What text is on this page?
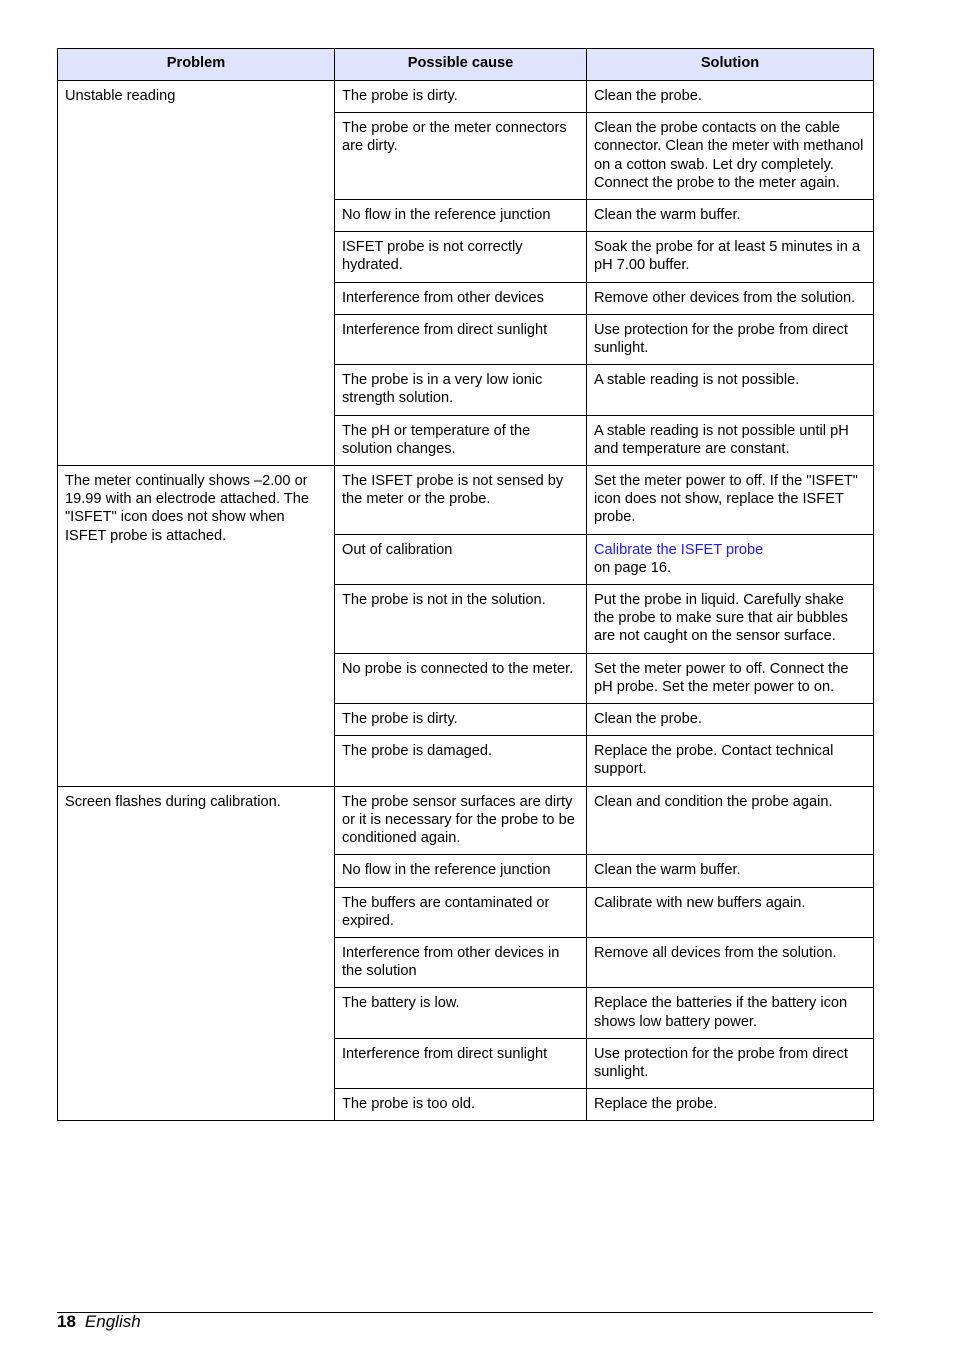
Problem	Possible cause	Solution
Unstable reading	The probe is dirty.	Clean the probe.
	The probe or the meter connectors are dirty.	Clean the probe contacts on the cable connector. Clean the meter with methanol on a cotton swab. Let dry completely. Connect the probe to the meter again.
	No flow in the reference junction	Clean the warm buffer.
	ISFET probe is not correctly hydrated.	Soak the probe for at least 5 minutes in a pH 7.00 buffer.
	Interference from other devices	Remove other devices from the solution.
	Interference from direct sunlight	Use protection for the probe from direct sunlight.
	The probe is in a very low ionic strength solution.	A stable reading is not possible.
	The pH or temperature of the solution changes.	A stable reading is not possible until pH and temperature are constant.
The meter continually shows –2.00 or 19.99 with an electrode attached. The "ISFET" icon does not show when ISFET probe is attached.	The ISFET probe is not sensed by the meter or the probe.	Set the meter power to off. If the "ISFET" icon does not show, replace the ISFET probe.
	Out of calibration	Calibrate the ISFET probe
on page 16.
	The probe is not in the solution.	Put the probe in liquid. Carefully shake the probe to make sure that air bubbles are not caught on the sensor surface.
	No probe is connected to the meter.	Set the meter power to off. Connect the pH probe. Set the meter power to on.
	The probe is dirty.	Clean the probe.
	The probe is damaged.	Replace the probe. Contact technical support.
Screen flashes during calibration.	The probe sensor surfaces are dirty or it is necessary for the probe to be conditioned again.	Clean and condition the probe again.
	No flow in the reference junction	Clean the warm buffer.
	The buffers are contaminated or expired.	Calibrate with new buffers again.
	Interference from other devices in the solution	Remove all devices from the solution.
	The battery is low.	Replace the batteries if the battery icon shows low battery power.
	Interference from direct sunlight	Use protection for the probe from direct sunlight.
	The probe is too old.	Replace the probe.
18 English
